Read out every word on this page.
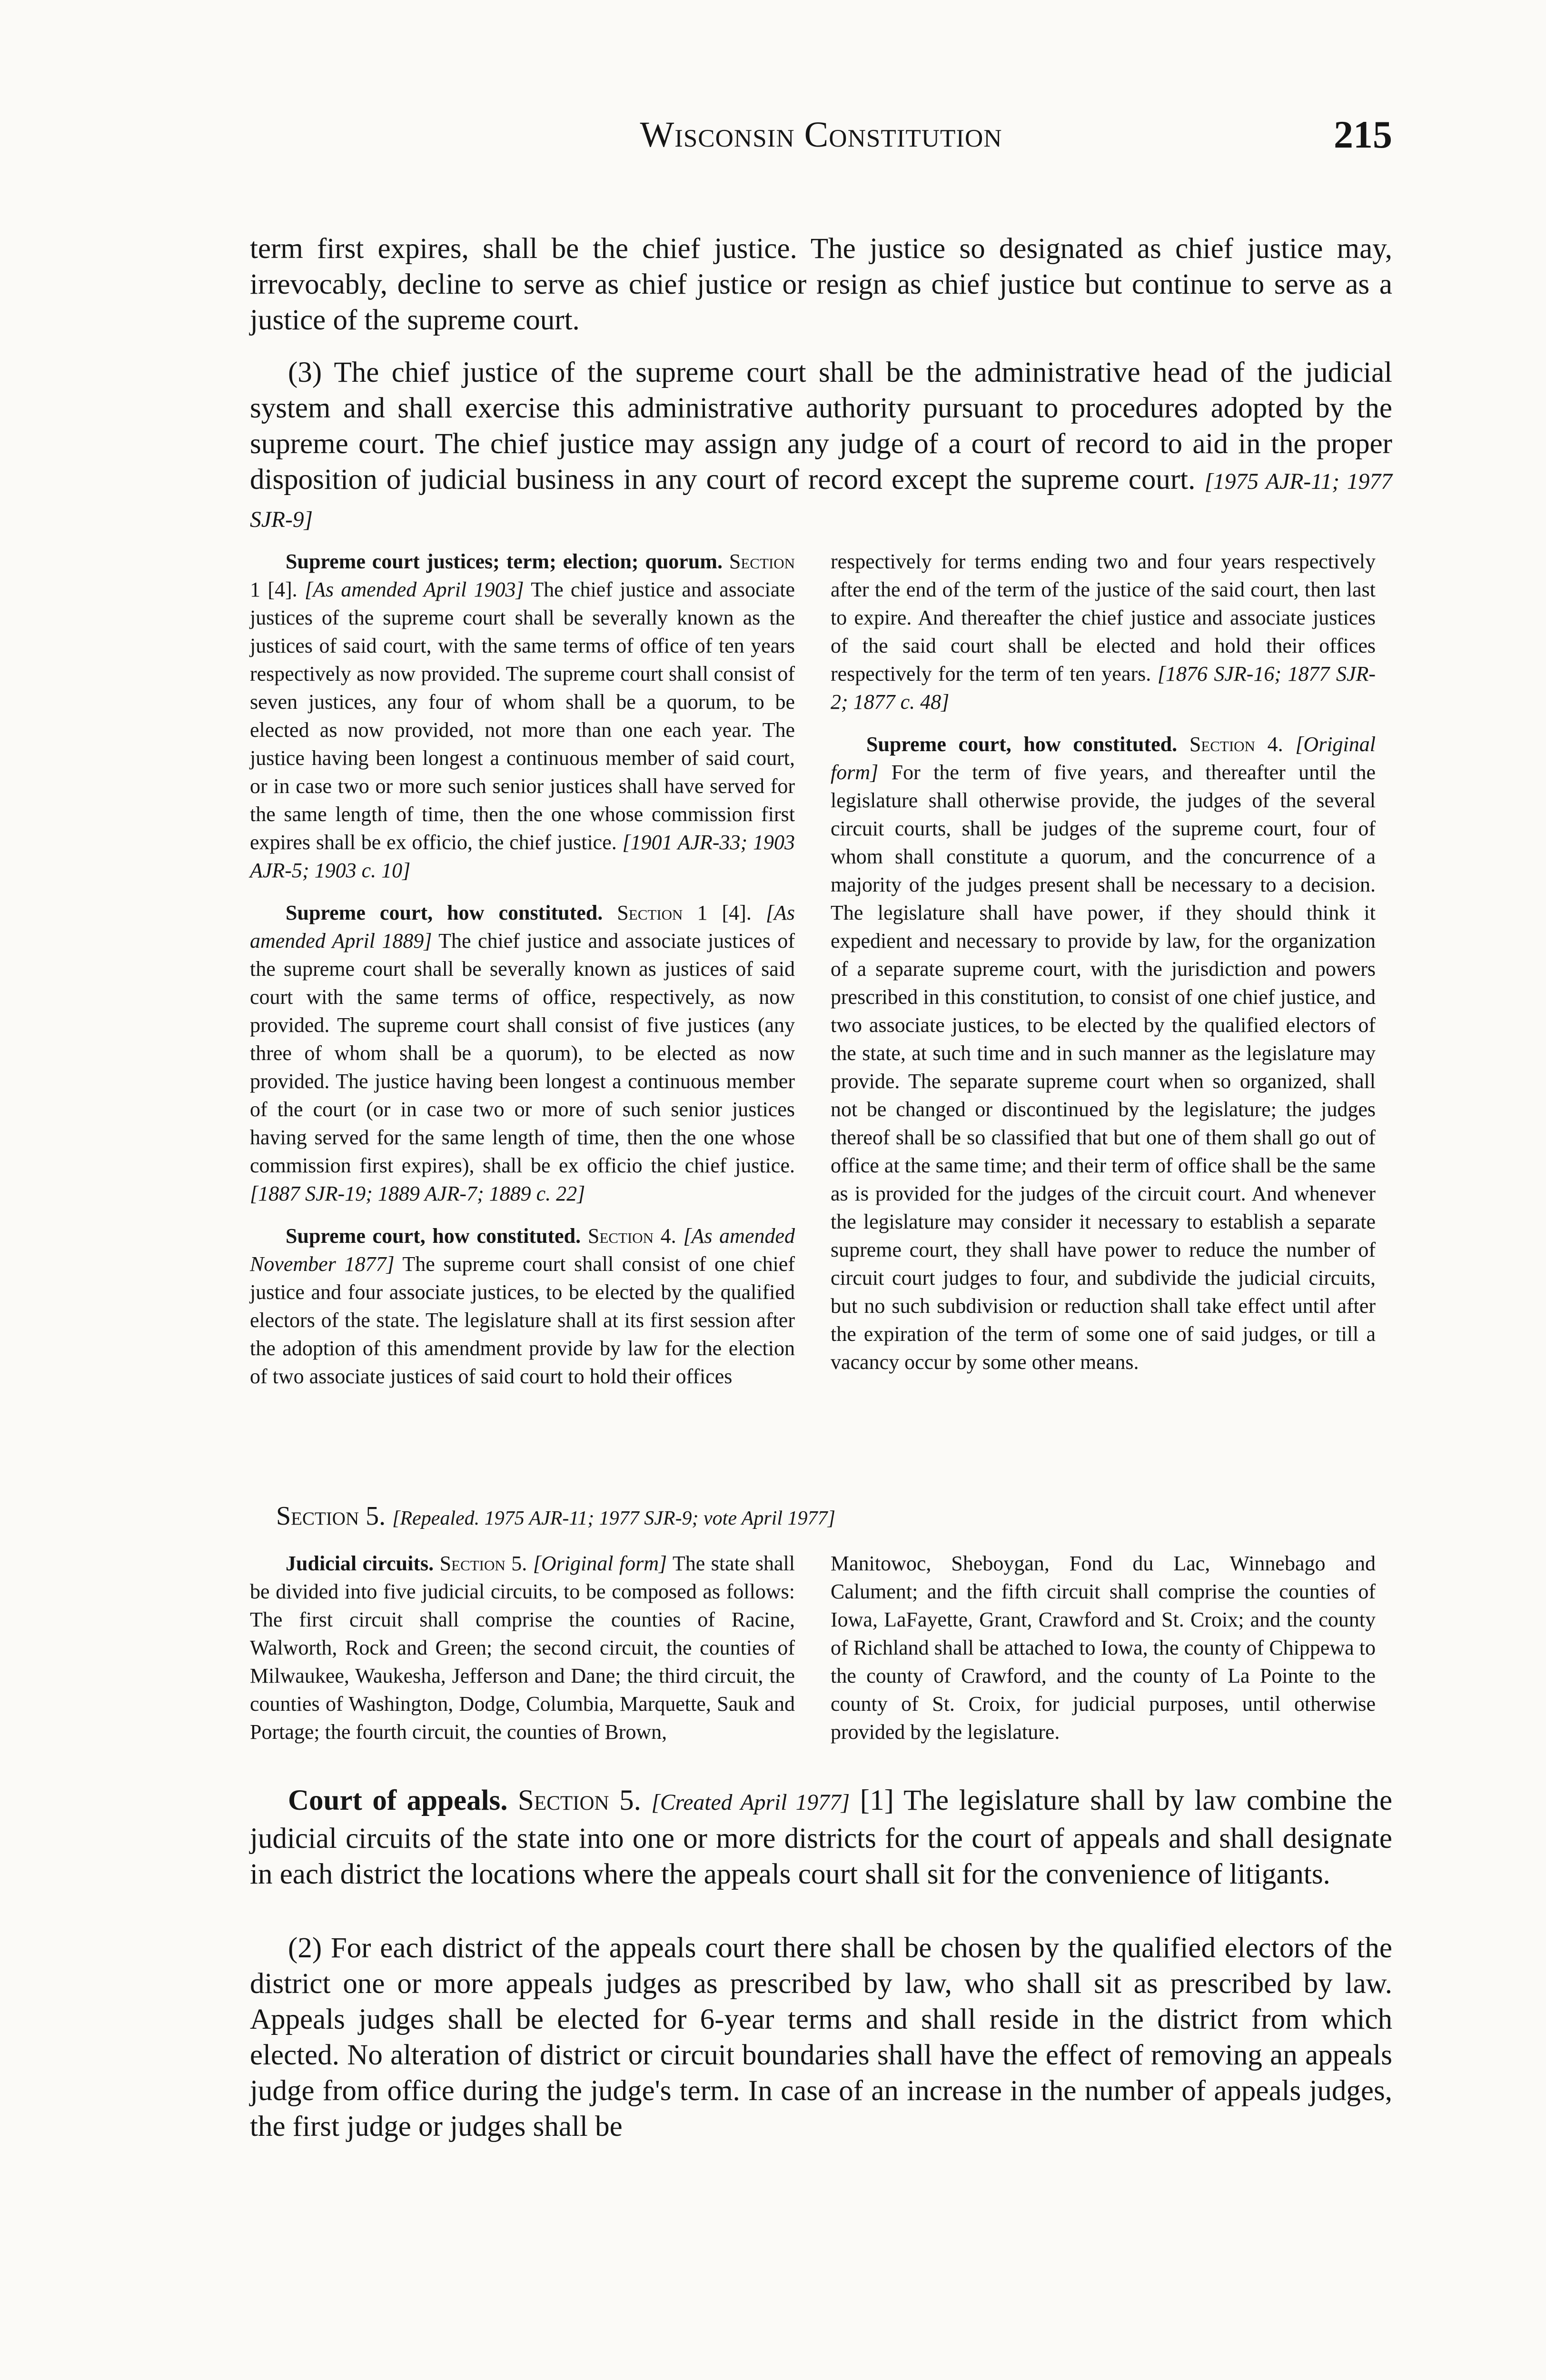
Wisconsin Constitution	215

term first expires, shall be the chief justice. The justice so designated as chief justice may, irrevocably, decline to serve as chief justice or resign as chief justice but continue to serve as a justice of the supreme court.

(3) The chief justice of the supreme court shall be the administrative head of the judicial system and shall exercise this administrative authority pursuant to procedures adopted by the supreme court. The chief justice may assign any judge of a court of record to aid in the proper disposition of judicial business in any court of record except the supreme court. [1975 AJR-11; 1977 SJR-9]

Supreme court justices; term; election; quorum. Section 1 [4]. [As amended April 1903] The chief justice and associate justices of the supreme court shall be severally known as the justices of said court, with the same terms of office of ten years respectively as now provided. The supreme court shall consist of seven justices, any four of whom shall be a quorum, to be elected as now provided, not more than one each year. The justice having been longest a continuous member of said court, or in case two or more such senior justices shall have served for the same length of time, then the one whose commission first expires shall be ex officio, the chief justice. [1901 AJR-33; 1903 AJR-5; 1903 c. 10]

Supreme court, how constituted. Section 1 [4]. [As amended April 1889] The chief justice and associate justices of the supreme court shall be severally known as justices of said court with the same terms of office, respectively, as now provided. The supreme court shall consist of five justices (any three of whom shall be a quorum), to be elected as now provided. The justice having been longest a continuous member of the court (or in case two or more of such senior justices having served for the same length of time, then the one whose commission first expires), shall be ex officio the chief justice. [1887 SJR-19; 1889 AJR-7; 1889 c. 22]

Supreme court, how constituted. Section 4. [As amended November 1877] The supreme court shall consist of one chief justice and four associate justices, to be elected by the qualified electors of the state. The legislature shall at its first session after the adoption of this amendment provide by law for the election of two associate justices of said court to hold their offices

respectively for terms ending two and four years respectively after the end of the term of the justice of the said court, then last to expire. And thereafter the chief justice and associate justices of the said court shall be elected and hold their offices respectively for the term of ten years. [1876 SJR-16; 1877 SJR-2; 1877 c. 48]

Supreme court, how constituted. Section 4. [Original form] For the term of five years, and thereafter until the legislature shall otherwise provide, the judges of the several circuit courts, shall be judges of the supreme court, four of whom shall constitute a quorum, and the concurrence of a majority of the judges present shall be necessary to a decision. The legislature shall have power, if they should think it expedient and necessary to provide by law, for the organization of a separate supreme court, with the jurisdiction and powers prescribed in this constitution, to consist of one chief justice, and two associate justices, to be elected by the qualified electors of the state, at such time and in such manner as the legislature may provide. The separate supreme court when so organized, shall not be changed or discontinued by the legislature; the judges thereof shall be so classified that but one of them shall go out of office at the same time; and their term of office shall be the same as is provided for the judges of the circuit court. And whenever the legislature may consider it necessary to establish a separate supreme court, they shall have power to reduce the number of circuit court judges to four, and subdivide the judicial circuits, but no such subdivision or reduction shall take effect until after the expiration of the term of some one of said judges, or till a vacancy occur by some other means.

Section 5. [Repealed. 1975 AJR-11; 1977 SJR-9; vote April 1977]

Judicial circuits. Section 5. [Original form] The state shall be divided into five judicial circuits, to be composed as follows: The first circuit shall comprise the counties of Racine, Walworth, Rock and Green; the second circuit, the counties of Milwaukee, Waukesha, Jefferson and Dane; the third circuit, the counties of Washington, Dodge, Columbia, Marquette, Sauk and Portage; the fourth circuit, the counties of Brown,

Manitowoc, Sheboygan, Fond du Lac, Winnebago and Calument; and the fifth circuit shall comprise the counties of Iowa, LaFayette, Grant, Crawford and St. Croix; and the county of Richland shall be attached to Iowa, the county of Chippewa to the county of Crawford, and the county of La Pointe to the county of St. Croix, for judicial purposes, until otherwise provided by the legislature.

Court of appeals. Section 5. [Created April 1977] [1] The legislature shall by law combine the judicial circuits of the state into one or more districts for the court of appeals and shall designate in each district the locations where the appeals court shall sit for the convenience of litigants.

(2) For each district of the appeals court there shall be chosen by the qualified electors of the district one or more appeals judges as prescribed by law, who shall sit as prescribed by law. Appeals judges shall be elected for 6-year terms and shall reside in the district from which elected. No alteration of district or circuit boundaries shall have the effect of removing an appeals judge from office during the judge's term. In case of an increase in the number of appeals judges, the first judge or judges shall be
